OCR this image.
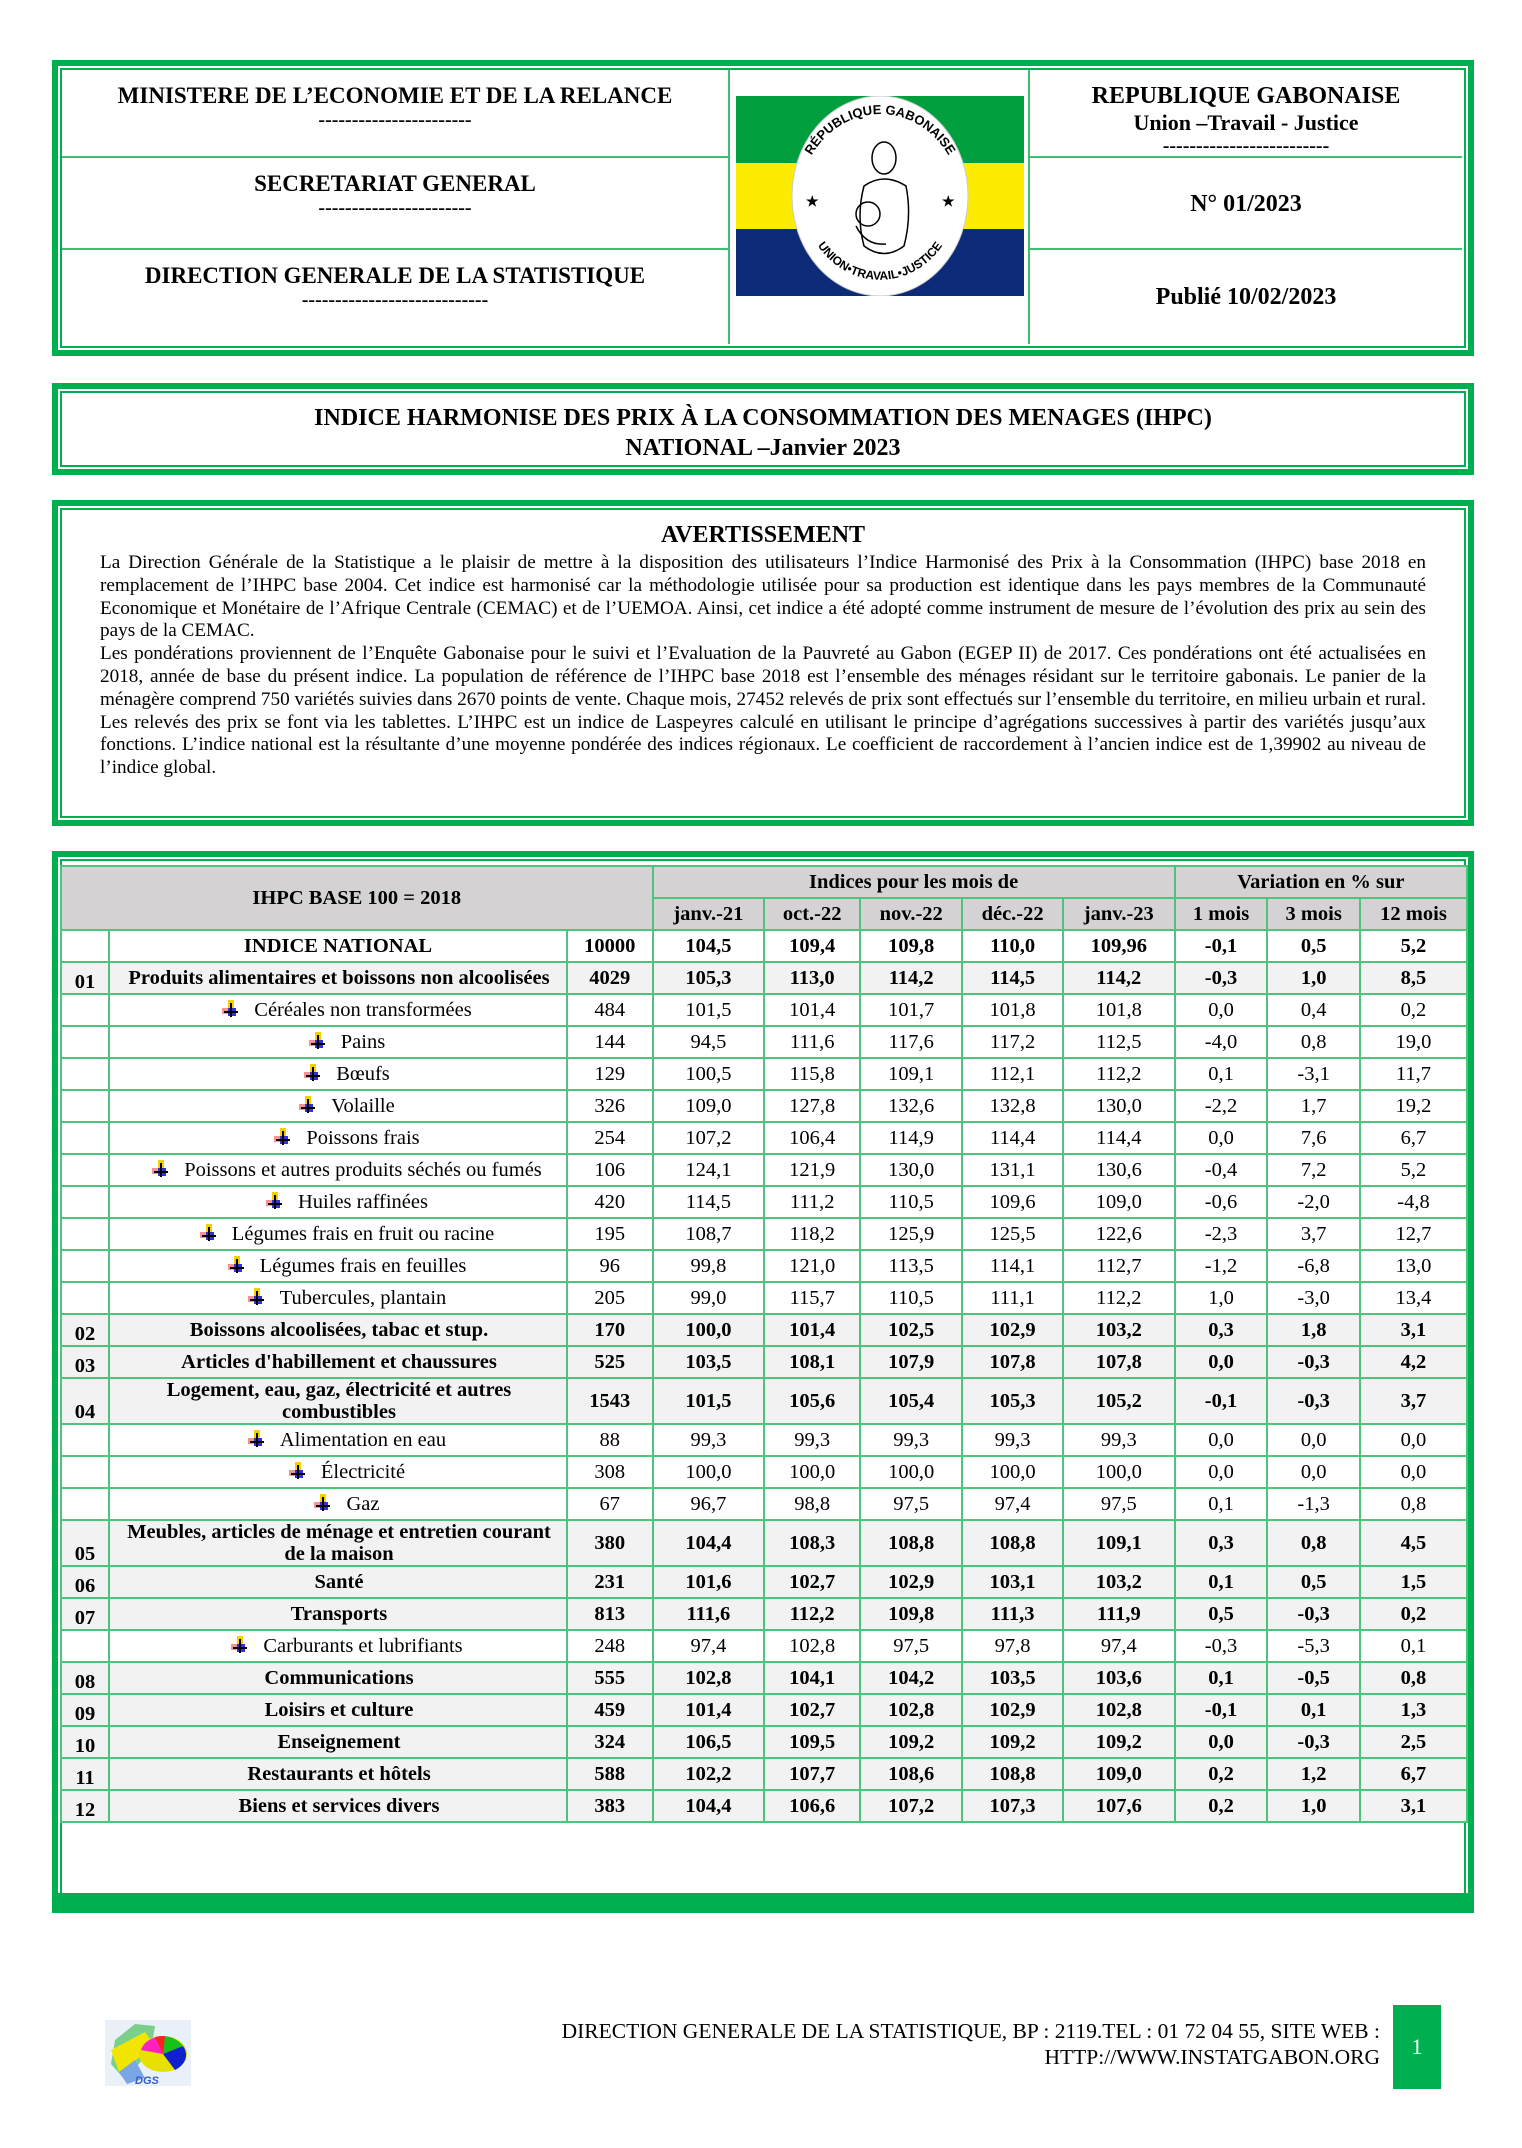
MINISTERE DE L’ECONOMIE ET DE LA RELANCE
-----------------------
SECRETARIAT GENERAL
-----------------------
DIRECTION GENERALE DE LA STATISTIQUE
----------------------------
RÉPUBLIQUE GABONAISE
UNION•TRAVAIL•JUSTICE
★	★
REPUBLIQUE GABONAISE
Union –Travail - Justice
-------------------------
N° 01/2023
Publié 10/02/2023
INDICE HARMONISE DES PRIX À LA CONSOMMATION DES MENAGES (IHPC)
NATIONAL –Janvier 2023
AVERTISSEMENT
La Direction Générale de la Statistique a le plaisir de mettre à la disposition des utilisateurs l’Indice Harmonisé des Prix à la Consommation (IHPC) base 2018 en remplacement de l’IHPC base 2004. Cet indice est harmonisé car la méthodologie utilisée pour sa production est identique dans les pays membres de la Communauté Economique et Monétaire de l’Afrique Centrale (CEMAC) et de l’UEMOA. Ainsi, cet indice a été adopté comme instrument de mesure de l’évolution des prix au sein des pays de la CEMAC.
Les pondérations proviennent de l’Enquête Gabonaise pour le suivi et l’Evaluation de la Pauvreté au Gabon (EGEP II) de 2017. Ces pondérations ont été actualisées en 2018, année de base du présent indice. La population de référence de l’IHPC base 2018 est l’ensemble des ménages résidant sur le territoire gabonais. Le panier de la ménagère comprend 750 variétés suivies dans 2670 points de vente. Chaque mois, 27452 relevés de prix sont effectués sur l’ensemble du territoire, en milieu urbain et rural. Les relevés des prix se font via les tablettes. L’IHPC est un indice de Laspeyres calculé en utilisant le principe d’agrégations successives à partir des variétés jusqu’aux fonctions. L’indice national est la résultante d’une moyenne pondérée des indices régionaux. Le coefficient de raccordement à l’ancien indice est de 1,39902 au niveau de l’indice global.
IHPC BASE 100 = 2018			Indices pour les mois de					Variation en % sur		
			janv.-21	oct.-22	nov.-22	déc.-22	janv.-23	1 mois	3 mois	12 mois
	INDICE NATIONAL	10000	104,5	109,4	109,8	110,0	109,96	-0,1	0,5	5,2
01	Produits alimentaires et boissons non alcoolisées	4029	105,3	113,0	114,2	114,5	114,2	-0,3	1,0	8,5

Céréales non transformées	484	101,5	101,4	101,7	101,8	101,8	0,0	0,4	0,2

Pains	144	94,5	111,6	117,6	117,2	112,5	-4,0	0,8	19,0

Bœufs	129	100,5	115,8	109,1	112,1	112,2	0,1	-3,1	11,7

Volaille	326	109,0	127,8	132,6	132,8	130,0	-2,2	1,7	19,2

Poissons frais	254	107,2	106,4	114,9	114,4	114,4	0,0	7,6	6,7

Poissons et autres produits séchés ou fumés	106	124,1	121,9	130,0	131,1	130,6	-0,4	7,2	5,2

Huiles raffinées	420	114,5	111,2	110,5	109,6	109,0	-0,6	-2,0	-4,8

Légumes frais en fruit ou racine	195	108,7	118,2	125,9	125,5	122,6	-2,3	3,7	12,7

Légumes frais en feuilles	96	99,8	121,0	113,5	114,1	112,7	-1,2	-6,8	13,0

Tubercules, plantain	205	99,0	115,7	110,5	111,1	112,2	1,0	-3,0	13,4
02	Boissons alcoolisées, tabac et stup.	170	100,0	101,4	102,5	102,9	103,2	0,3	1,8	3,1
03	Articles d'habillement et chaussures	525	103,5	108,1	107,9	107,8	107,8	0,0	-0,3	4,2
04	Logement, eau, gaz, électricité et autres combustibles	1543	101,5	105,6	105,4	105,3	105,2	-0,1	-0,3	3,7

Alimentation en eau	88	99,3	99,3	99,3	99,3	99,3	0,0	0,0	0,0

Électricité	308	100,0	100,0	100,0	100,0	100,0	0,0	0,0	0,0

Gaz	67	96,7	98,8	97,5	97,4	97,5	0,1	-1,3	0,8
05	Meubles, articles de ménage et entretien courant de la maison	380	104,4	108,3	108,8	108,8	109,1	0,3	0,8	4,5
06	Santé	231	101,6	102,7	102,9	103,1	103,2	0,1	0,5	1,5
07	Transports	813	111,6	112,2	109,8	111,3	111,9	0,5	-0,3	0,2

Carburants et lubrifiants	248	97,4	102,8	97,5	97,8	97,4	-0,3	-5,3	0,1
08	Communications	555	102,8	104,1	104,2	103,5	103,6	0,1	-0,5	0,8
09	Loisirs et culture	459	101,4	102,7	102,8	102,9	102,8	-0,1	0,1	1,3
10	Enseignement	324	106,5	109,5	109,2	109,2	109,2	0,0	-0,3	2,5
11	Restaurants et hôtels	588	102,2	107,7	108,6	108,8	109,0	0,2	1,2	6,7
12	Biens et services divers	383	104,4	106,6	107,2	107,3	107,6	0,2	1,0	3,1
DGS
DIRECTION GENERALE DE LA STATISTIQUE, BP : 2119.TEL : 01 72 04 55, SITE WEB :
HTTP://WWW.INSTATGABON.ORG	1
